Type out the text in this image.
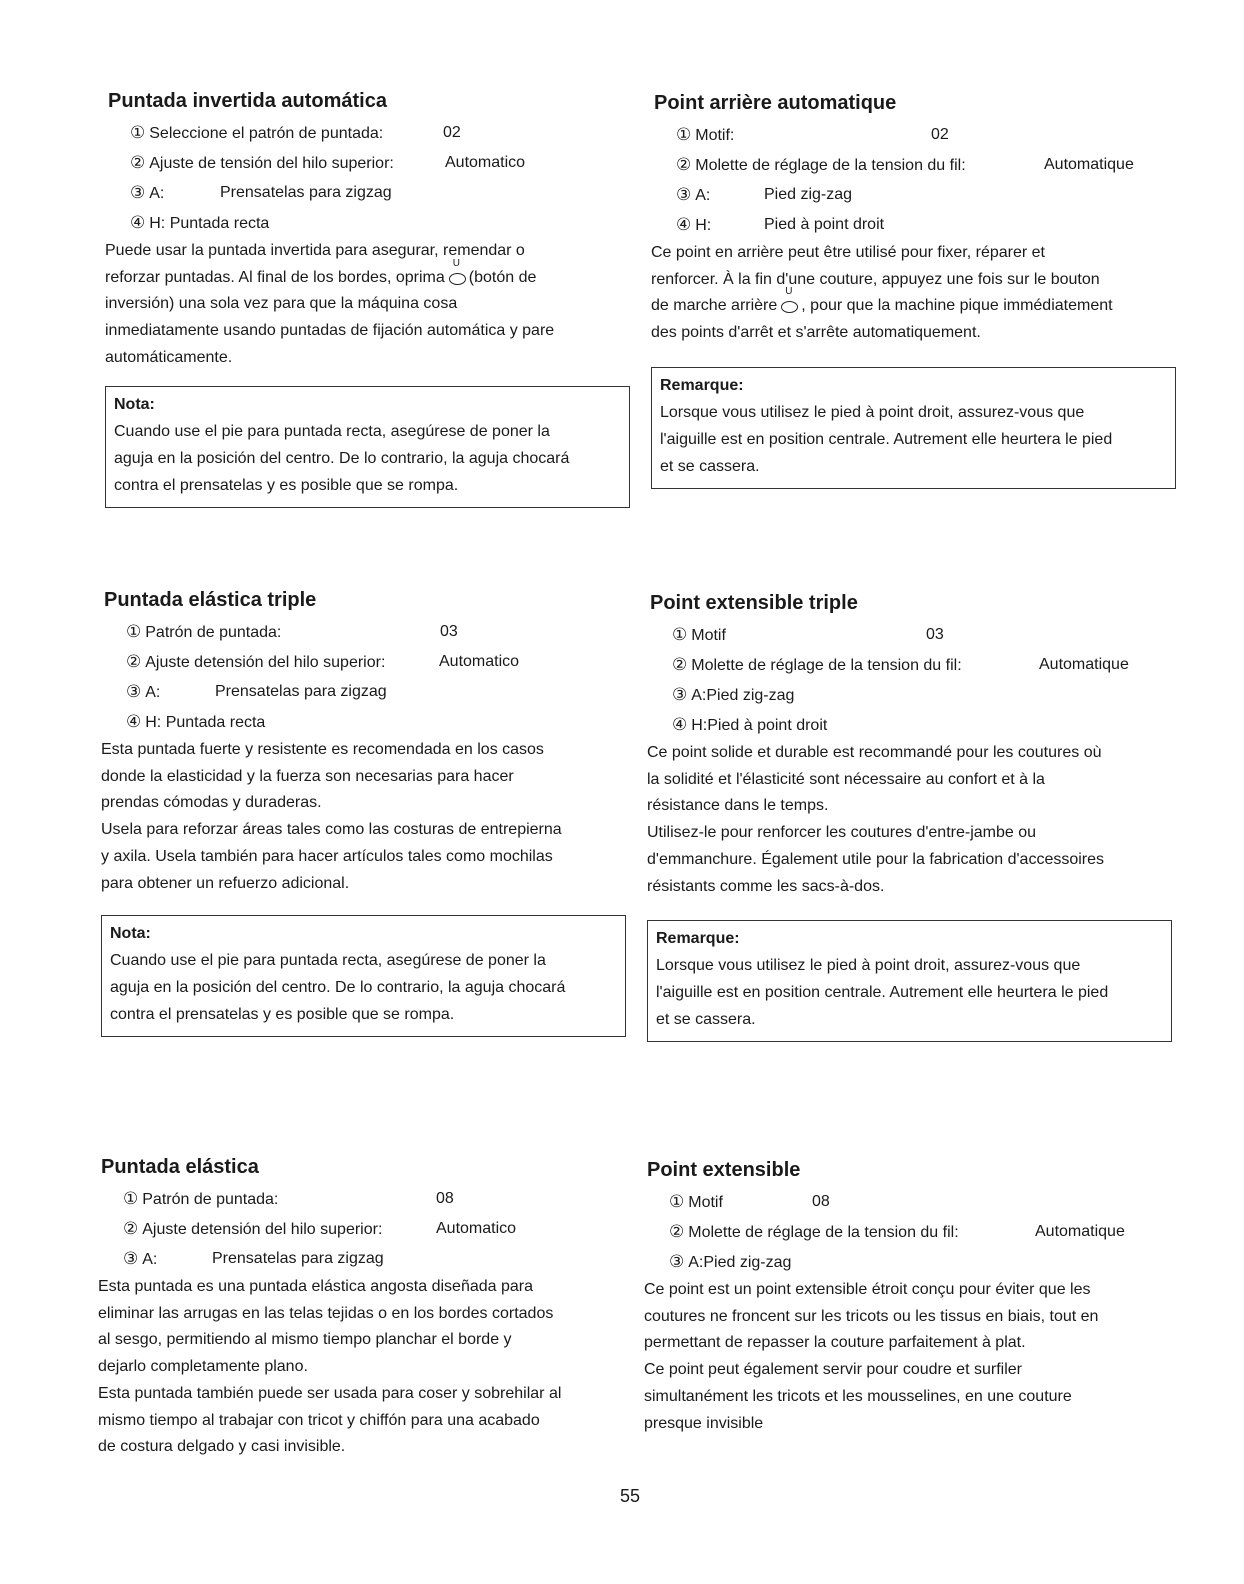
Puntada invertida automática
① Seleccione el patrón de puntada:	02
② Ajuste de tensión del hilo superior:	Automatico
③ A:	Prensatelas para zigzag
④ H: Puntada recta
Puede usar la puntada invertida para asegurar, remendar o
reforzar puntadas. Al final de los bordes, oprima
U
(botón de
inversión) una sola vez para que la máquina cosa
inmediatamente usando puntadas de fijación automática y pare
automáticamente.
Nota:
Cuando use el pie para puntada recta, asegúrese de poner la
aguja en la posición del centro. De lo contrario, la aguja chocará
contra el prensatelas y es posible que se rompa.
Point arrière automatique
① Motif:	02
② Molette de réglage de la tension du fil:	Automatique
③ A:	Pied zig-zag
④ H:	Pied à point droit
Ce point en arrière peut être utilisé pour fixer, réparer et
renforcer. À la fin d'une couture, appuyez une fois sur le bouton
de marche arrière
U
, pour que la machine pique immédiatement
des points d'arrêt et s'arrête automatiquement.
Remarque:
Lorsque vous utilisez le pied à point droit, assurez-vous que
l'aiguille est en position centrale. Autrement elle heurtera le pied
et se cassera.
Puntada elástica triple
① Patrón de puntada:	03
② Ajuste detensión del hilo superior:	Automatico
③ A:	Prensatelas para zigzag
④ H: Puntada recta
Esta puntada fuerte y resistente es recomendada en los casos
donde la elasticidad y la fuerza son necesarias para hacer
prendas cómodas y duraderas.
Usela para reforzar áreas tales como las costuras de entrepierna
y axila. Usela también para hacer artículos tales como mochilas
para obtener un refuerzo adicional.
Nota:
Cuando use el pie para puntada recta, asegúrese de poner la
aguja en la posición del centro. De lo contrario, la aguja chocará
contra el prensatelas y es posible que se rompa.
Point extensible triple
① Motif	03
② Molette de réglage de la tension du fil:	Automatique
③ A:Pied zig-zag
④ H:Pied à point droit
Ce point solide et durable est recommandé pour les coutures où
la solidité et l'élasticité sont nécessaire au confort et à la
résistance dans le temps.
Utilisez-le pour renforcer les coutures d'entre-jambe ou
d'emmanchure. Également utile pour la fabrication d'accessoires
résistants comme les sacs-à-dos.
Remarque:
Lorsque vous utilisez le pied à point droit, assurez-vous que
l'aiguille est en position centrale. Autrement elle heurtera le pied
et se cassera.
Puntada elástica
① Patrón de puntada:	08
② Ajuste detensión del hilo superior:	Automatico
③ A:	Prensatelas para zigzag
Esta puntada es una puntada elástica angosta diseñada para
eliminar las arrugas en las telas tejidas o en los bordes cortados
al sesgo, permitiendo al mismo tiempo planchar el borde y
dejarlo completamente plano.
Esta puntada también puede ser usada para coser y sobrehilar al
mismo tiempo al trabajar con tricot y chiffón para una acabado
de costura delgado y casi invisible.
Point extensible
① Motif	08
② Molette de réglage de la tension du fil:	Automatique
③ A:Pied zig-zag
Ce point est un point extensible étroit conçu pour éviter que les
coutures ne froncent sur les tricots ou les tissus en biais, tout en
permettant de repasser la couture parfaitement à plat.
Ce point peut également servir pour coudre et surfiler
simultanément les tricots et les mousselines, en une couture
presque invisible
55
